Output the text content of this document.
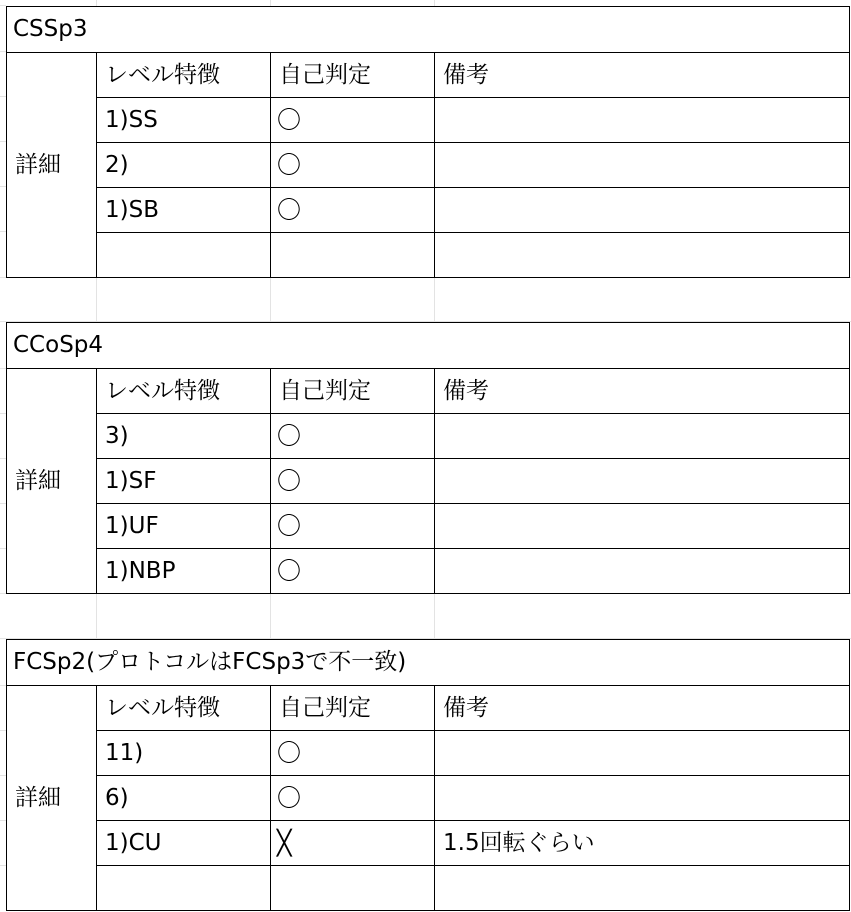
CSSp3			
詳細	レベル特徴	自己判定	備考
	1)SS	〇	
	2)	〇	
	1)SB	〇	

CCoSp4			
詳細	レベル特徴	自己判定	備考
	3)	〇	
	1)SF	〇	
	1)UF	〇	
	1)NBP	〇	
FCSp2(プロトコルはFCSp3で不一致)			
詳細	レベル特徴	自己判定	備考
	11)	〇	
	6)	〇	
	1)CU	╳	1.5回転ぐらい
